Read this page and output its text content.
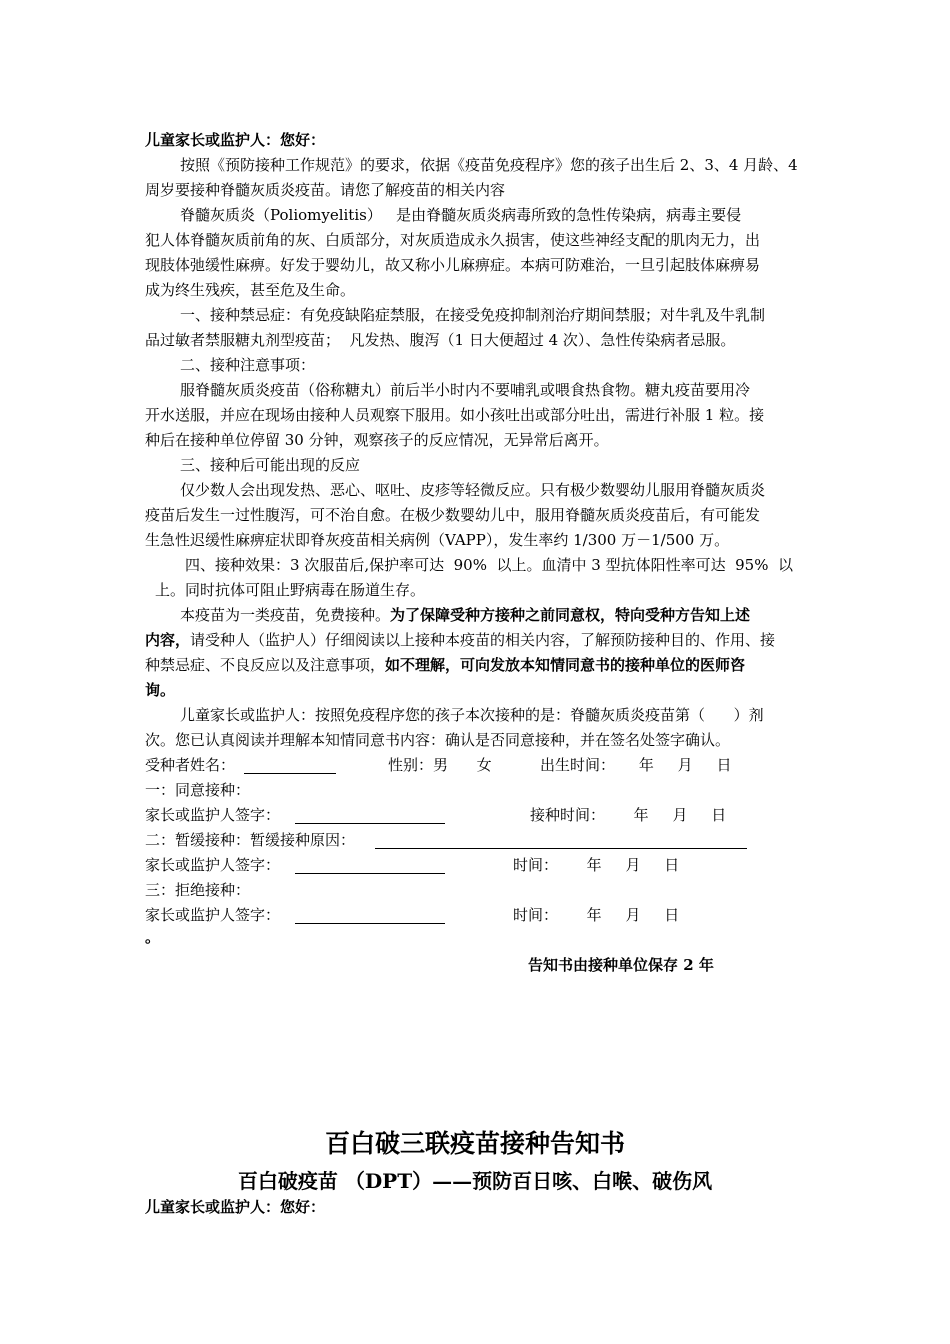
儿童家长或监护人：您好：
按照《预防接种工作规范》的要求，依据《疫苗免疫程序》您的孩子出生后 2、3、4 月龄、4
周岁要接种脊髓灰质炎疫苗。请您了解疫苗的相关内容
脊髓灰质炎（Poliomyelitis）   是由脊髓灰质炎病毒所致的急性传染病，病毒主要侵
犯人体脊髓灰质前角的灰、白质部分，对灰质造成永久损害，使这些神经支配的肌肉无力，出
现肢体弛缓性麻痹。好发于婴幼儿，故又称小儿麻痹症。本病可防难治，一旦引起肢体麻痹易
成为终生残疾，甚至危及生命。
一、接种禁忌症：有免疫缺陷症禁服，在接受免疫抑制剂治疗期间禁服；对牛乳及牛乳制
品过敏者禁服糖丸剂型疫苗；  凡发热、腹泻（1 日大便超过 4 次）、急性传染病者忌服。
二、接种注意事项：
服脊髓灰质炎疫苗（俗称糖丸）前后半小时内不要哺乳或喂食热食物。糖丸疫苗要用冷
开水送服，并应在现场由接种人员观察下服用。如小孩吐出或部分吐出，需进行补服 1 粒。接
种后在接种单位停留 30 分钟，观察孩子的反应情况，无异常后离开。
三、接种后可能出现的反应
仅少数人会出现发热、恶心、呕吐、皮疹等轻微反应。只有极少数婴幼儿服用脊髓灰质炎
疫苗后发生一过性腹泻，可不治自愈。在极少数婴幼儿中，服用脊髓灰质炎疫苗后，有可能发
生急性迟缓性麻痹症状即脊灰疫苗相关病例（VAPP），发生率约 1/300 万－1/500 万。
四、接种效果：3 次服苗后,保护率可达  90%  以上。血清中 3 型抗体阳性率可达  95%  以
上。同时抗体可阻止野病毒在肠道生存。
本疫苗为一类疫苗，免费接种。为了保障受种方接种之前同意权，特向受种方告知上述
内容，请受种人（监护人）仔细阅读以上接种本疫苗的相关内容，了解预防接种目的、作用、接
种禁忌症、不良反应以及注意事项，如不理解，可向发放本知情同意书的接种单位的医师咨
询。
儿童家长或监护人：按照免疫程序您的孩子本次接种的是：脊髓灰质炎疫苗第（      ）剂
次。您已认真阅读并理解本知情同意书内容：确认是否同意接种，并在签名处签字确认。
受种者姓名：	性别：男      女	出生时间：     年     月     日
一：同意接种：
家长或监护人签字：	接种时间：      年     月     日
二：暂缓接种：暂缓接种原因：
家长或监护人签字：	时间：      年     月     日
三：拒绝接种：
家长或监护人签字：	时间：      年     月     日
。
告知书由接种单位保存 2 年
百白破三联疫苗接种告知书
百白破疫苗 （DPT）——预防百日咳、白喉、破伤风
儿童家长或监护人：您好：
